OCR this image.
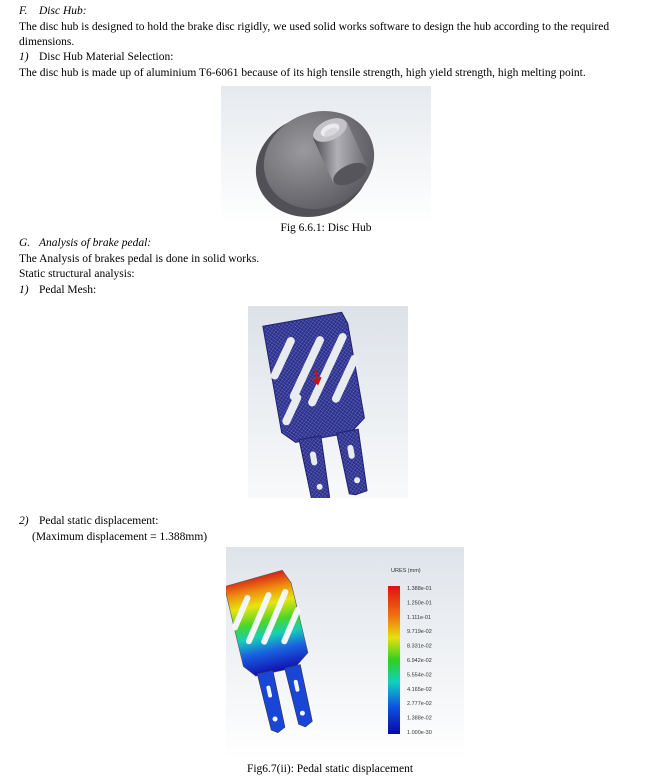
F. Disc Hub:
The disc hub is designed to hold the brake disc rigidly, we used solid works software to design the hub according to the required dimensions.
1) Disc Hub Material Selection:
The disc hub is made up of aluminium T6-6061 because of its high tensile strength, high yield strength, high melting point.
Fig 6.6.1: Disc Hub
G. Analysis of brake pedal:
The Analysis of brakes pedal is done in solid works.
Static structural analysis:
1) Pedal Mesh:
2) Pedal static displacement:
(Maximum displacement = 1.388mm)
URES (mm)
1.388e-01
1.250e-01
1.111e-01
9.719e-02
8.331e-02
6.942e-02
5.554e-02
4.165e-02
2.777e-02
1.388e-02
1.000e-30
Fig6.7(ii): Pedal static displacement
